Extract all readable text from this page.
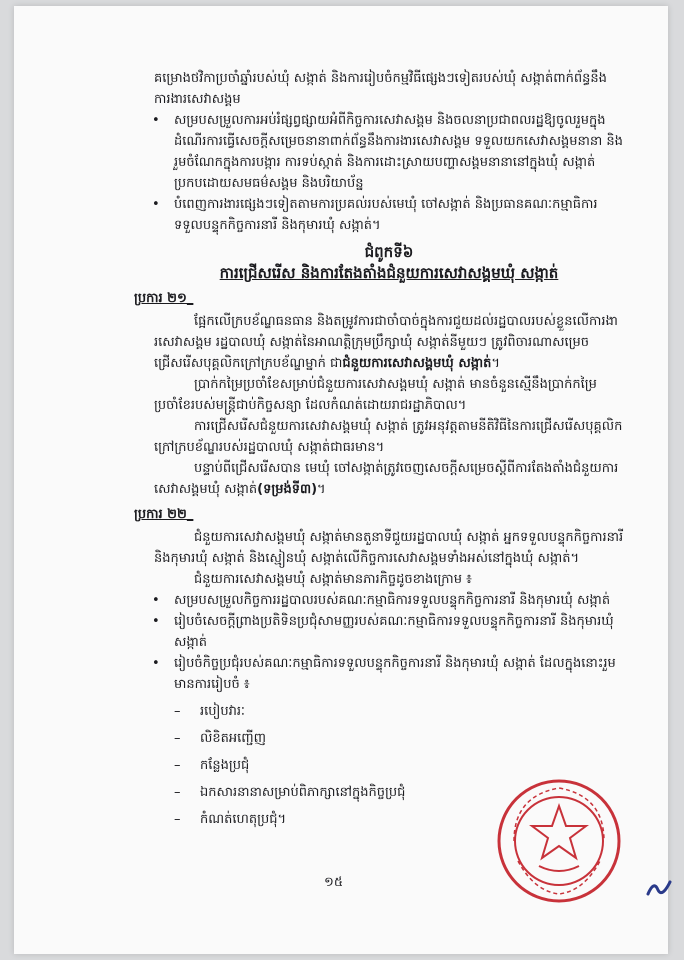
គម្រោងថវិកាប្រចាំឆ្នាំរបស់ឃុំ សង្កាត់ និងការរៀបចំកម្មវិធីផ្សេងៗទៀតរបស់ឃុំ សង្កាត់ពាក់ព័ន្ធនឹងការងារសេវាសង្គម

• សម្របសម្រួលការអប់រំផ្សព្វផ្សាយអំពីកិច្ចការសេវាសង្គម និងចលនាប្រជាពលរដ្ឋឱ្យចូលរួមក្នុងដំណើរការធ្វើសេចក្ដីសម្រេចនានាពាក់ព័ន្ធនឹងការងារសេវាសង្គម ទទួលយកសេវាសង្គមនានា និងរួមចំណែកក្នុងការបង្ការ ការទប់ស្កាត់ និងការដោះស្រាយបញ្ហាសង្គមនានានៅក្នុងឃុំ សង្កាត់ ប្រកបដោយសមធម៌សង្គម និងបរិយាប័ន្ន
• បំពេញការងារផ្សេងៗទៀតតាមការប្រគល់របស់មេឃុំ ចៅសង្កាត់ និងប្រធានគណៈកម្មាធិការទទួលបន្ទុកកិច្ចការនារី និងកុមារឃុំ សង្កាត់។

ជំពូកទី៦

ការជ្រើសរើស និងការតែងតាំងជំនួយការសេវាសង្គមឃុំ សង្កាត់

ប្រការ ២១_

ផ្អែកលើក្របខ័ណ្ឌធនធាន និងតម្រូវការជាចាំបាច់ក្នុងការជួយដល់រដ្ឋបាលរបស់ខ្លួនលើការងារសេវាសង្គម រដ្ឋបាលឃុំ សង្កាត់នៃអាណត្តិក្រុមប្រឹក្សាឃុំ សង្កាត់នីមួយៗ ត្រូវពិចារណាសម្រេចជ្រើសរើសបុគ្គលិកក្រៅក្របខ័ណ្ឌម្នាក់ ជាជំនួយការសេវាសង្គមឃុំ សង្កាត់។

ប្រាក់កម្រៃប្រចាំខែសម្រាប់ជំនួយការសេវាសង្គមឃុំ សង្កាត់ មានចំនួនស្មើនឹងប្រាក់កម្រៃប្រចាំខែរបស់មន្ត្រីជាប់កិច្ចសន្យា ដែលកំណត់ដោយរាជរដ្ឋាភិបាល។

ការជ្រើសរើសជំនួយការសេវាសង្គមឃុំ សង្កាត់ ត្រូវអនុវត្តតាមនីតិវិធីនៃការជ្រើសរើសបុគ្គលិកក្រៅក្របខ័ណ្ឌរបស់រដ្ឋបាលឃុំ សង្កាត់ជាធរមាន។

បន្ទាប់ពីជ្រើសរើសបាន មេឃុំ ចៅសង្កាត់ត្រូវចេញសេចក្ដីសម្រេចស្ដីពីការតែងតាំងជំនួយការសេវាសង្គមឃុំ សង្កាត់(ទម្រង់ទី៣)។

ប្រការ ២២_

ជំនួយការសេវាសង្គមឃុំ សង្កាត់មានតួនាទីជួយរដ្ឋបាលឃុំ សង្កាត់ អ្នកទទួលបន្ទុកកិច្ចការនារី និងកុមារឃុំ សង្កាត់ និងស្មៀនឃុំ សង្កាត់លើកិច្ចការសេវាសង្គមទាំងអស់នៅក្នុងឃុំ សង្កាត់។

ជំនួយការសេវាសង្គមឃុំ សង្កាត់មានភារកិច្ចដូចខាងក្រោម ៖

• សម្របសម្រួលកិច្ចការរដ្ឋបាលរបស់គណៈកម្មាធិការទទួលបន្ទុកកិច្ចការនារី និងកុមារឃុំ សង្កាត់
• រៀបចំសេចក្ដីព្រាងប្រតិទិនប្រជុំសាមញ្ញរបស់គណៈកម្មាធិការទទួលបន្ទុកកិច្ចការនារី និងកុមារឃុំ សង្កាត់
• រៀបចំកិច្ចប្រជុំរបស់គណៈកម្មាធិការទទួលបន្ទុកកិច្ចការនារី និងកុមារឃុំ សង្កាត់ ដែលក្នុងនោះរួមមានការរៀបចំ ៖
– របៀបវារៈ
– លិខិតអញ្ជើញ
– កន្លែងប្រជុំ
– ឯកសារនានាសម្រាប់ពិភាក្សានៅក្នុងកិច្ចប្រជុំ
– កំណត់ហេតុប្រជុំ។
១៥
